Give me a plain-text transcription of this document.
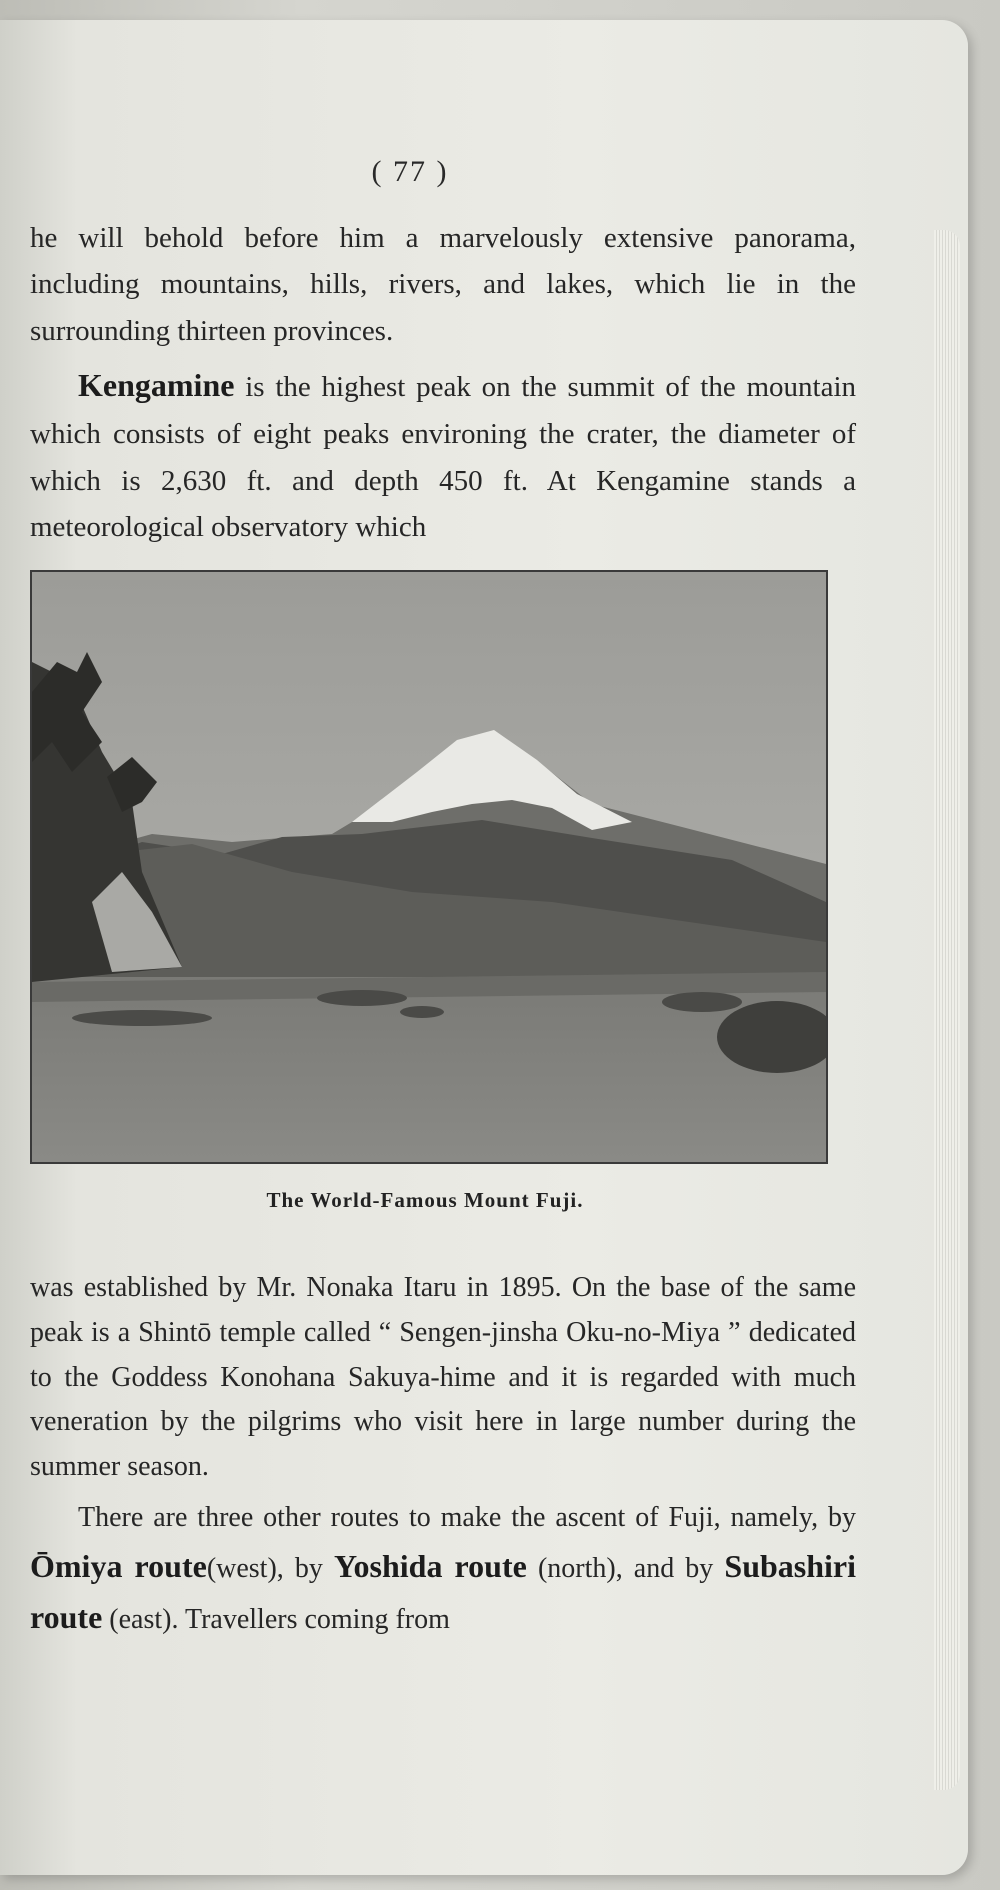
( 77 )

he will behold before him a marvelously extensive panorama, including mountains, hills, rivers, and lakes, which lie in the surrounding thirteen provinces.

Kengamine is the highest peak on the summit of the mountain which consists of eight peaks environing the crater, the diameter of which is 2,630 ft. and depth 450 ft. At Kengamine stands a meteorological observatory which

The World-Famous Mount Fuji.

was established by Mr. Nonaka Itaru in 1895. On the base of the same peak is a Shintō temple called “ Sengen-jinsha Oku-no-Miya ” dedicated to the Goddess Konohana Sakuya-hime and it is regarded with much veneration by the pilgrims who visit here in large number during the summer season.

There are three other routes to make the ascent of Fuji, namely, by Ōmiya route(west), by Yoshida route (north), and by Subashiri route (east). Travellers coming from
